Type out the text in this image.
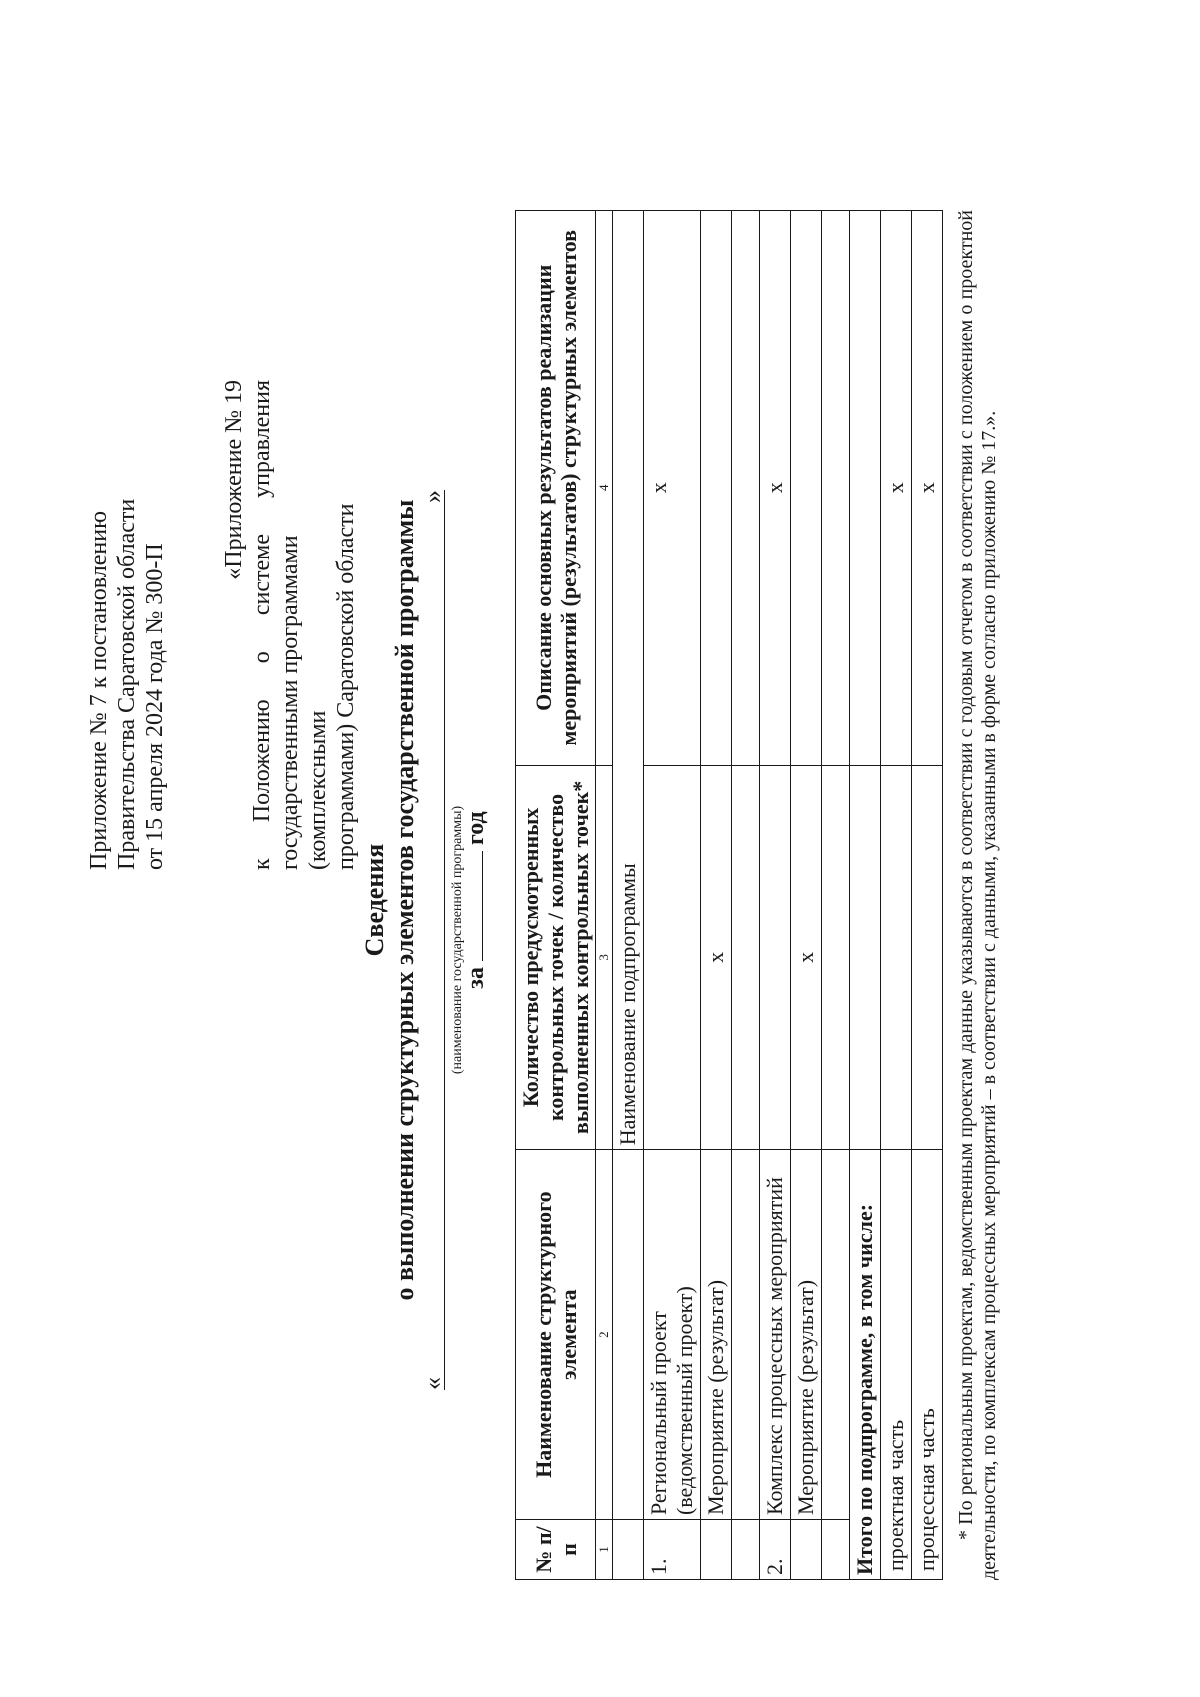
Приложение № 7 к постановлению Правительства Саратовской области от 15 апреля 2024 года № 300-П
«Приложение № 19 к Положению о системе управления государственными программами (комплексными программами) Саратовской области
Сведения о выполнении структурных элементов государственной программы
«
»
(наименование государственной программы)
загод
№ п/п	Наименование структурного элемента	Количество предусмотренных контрольных точек / количество выполненных контрольных точек*	Описание основных результатов реализации мероприятий (результатов) структурных элементов
1	2	3	4
		Наименование подпрограммы	
1.	Региональный проект (ведомственный проект)		х
	Мероприятие (результат)	х	

2.	Комплекс процессных мероприятий		х
	Мероприятие (результат)	х	

Итого по подпрограмме, в том числе:			
проектная часть			х
процессная часть			х * По региональным проектам, ведомственным проектам данные указываются в соответствии с годовым отчетом в соответствии с положением о проектной деятельности, по комплексам процессных мероприятий – в соответствии с данными, указанными в форме согласно приложению № 17.».
